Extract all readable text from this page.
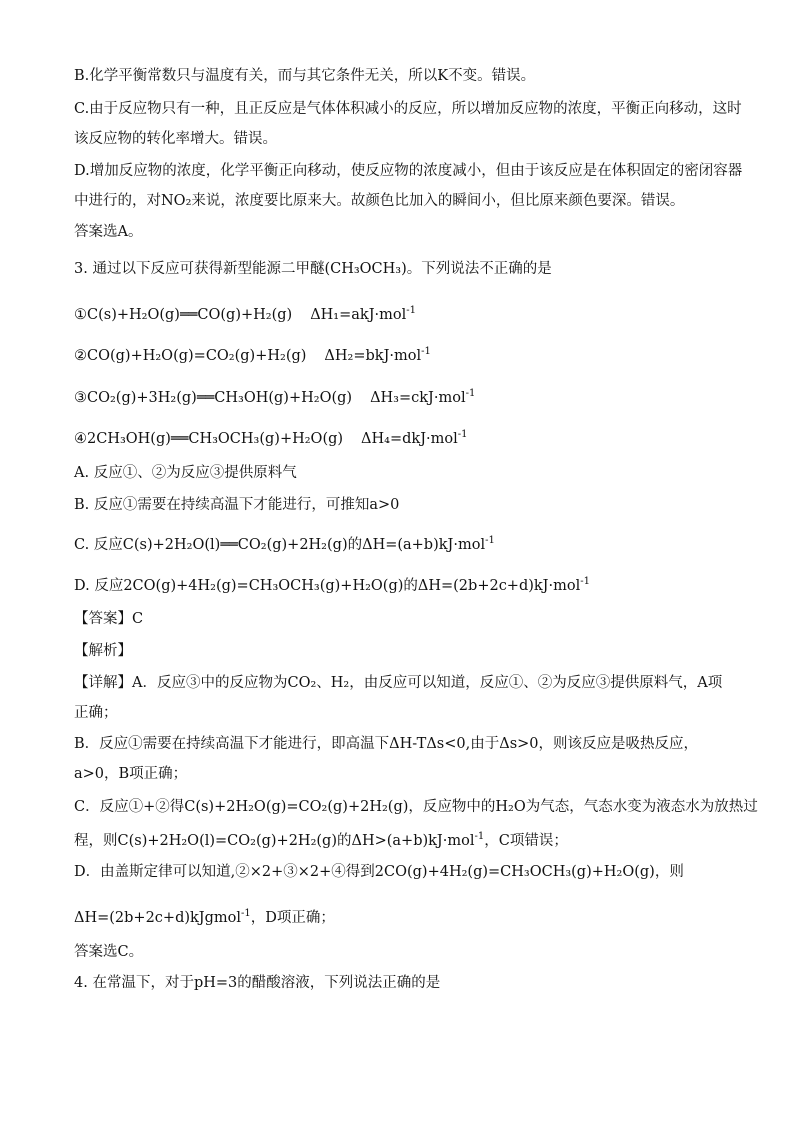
B.化学平衡常数只与温度有关，而与其它条件无关，所以K不变。错误。
C.由于反应物只有一种，且正反应是气体体积减小的反应，所以增加反应物的浓度，平衡正向移动，这时
该反应物的转化率增大。错误。
D.增加反应物的浓度，化学平衡正向移动，使反应物的浓度减小，但由于该反应是在体积固定的密闭容器
中进行的，对NO₂来说，浓度要比原来大。故颜色比加入的瞬间小，但比原来颜色要深。错误。
答案选A。
3. 通过以下反应可获得新型能源二甲醚(CH₃OCH₃)。下列说法不正确的是
①C(s)+H₂O(g)══CO(g)+H₂(g) ΔH₁=akJ·mol$^{-1}$
②CO(g)+H₂O(g)=CO₂(g)+H₂(g) ΔH₂=bkJ·mol$^{-1}$
③CO₂(g)+3H₂(g)══CH₃OH(g)+H₂O(g) ΔH₃=ckJ·mol$^{-1}$
④2CH₃OH(g)══CH₃OCH₃(g)+H₂O(g) ΔH₄=dkJ·mol$^{-1}$
A. 反应①、②为反应③提供原料气
B. 反应①需要在持续高温下才能进行，可推知a>0
C. 反应C(s)+2H₂O(l)══CO₂(g)+2H₂(g)的ΔH=(a+b)kJ·mol$^{-1}$
D. 反应2CO(g)+4H₂(g)=CH₃OCH₃(g)+H₂O(g)的ΔH=(2b+2c+d)kJ·mol$^{-1}$
【答案】C
【解析】
【详解】A．反应③中的反应物为CO₂、H₂，由反应可以知道，反应①、②为反应③提供原料气，A项
正确；
B．反应①需要在持续高温下才能进行，即高温下ΔH-TΔs<0,由于Δs>0，则该反应是吸热反应，
a>0，B项正确；
C．反应①+②得C(s)+2H₂O(g)=CO₂(g)+2H₂(g)，反应物中的H₂O为气态，气态水变为液态水为放热过
程，则C(s)+2H₂O(l)=CO₂(g)+2H₂(g)的ΔH>(a+b)kJ·mol$^{-1}$，C项错误；
D．由盖斯定律可以知道,②×2+③×2+④得到2CO(g)+4H₂(g)=CH₃OCH₃(g)+H₂O(g)，则
ΔH=(2b+2c+d)kJgmol$^{-1}$，D项正确；
答案选C。
4. 在常温下，对于pH=3的醋酸溶液，下列说法正确的是
